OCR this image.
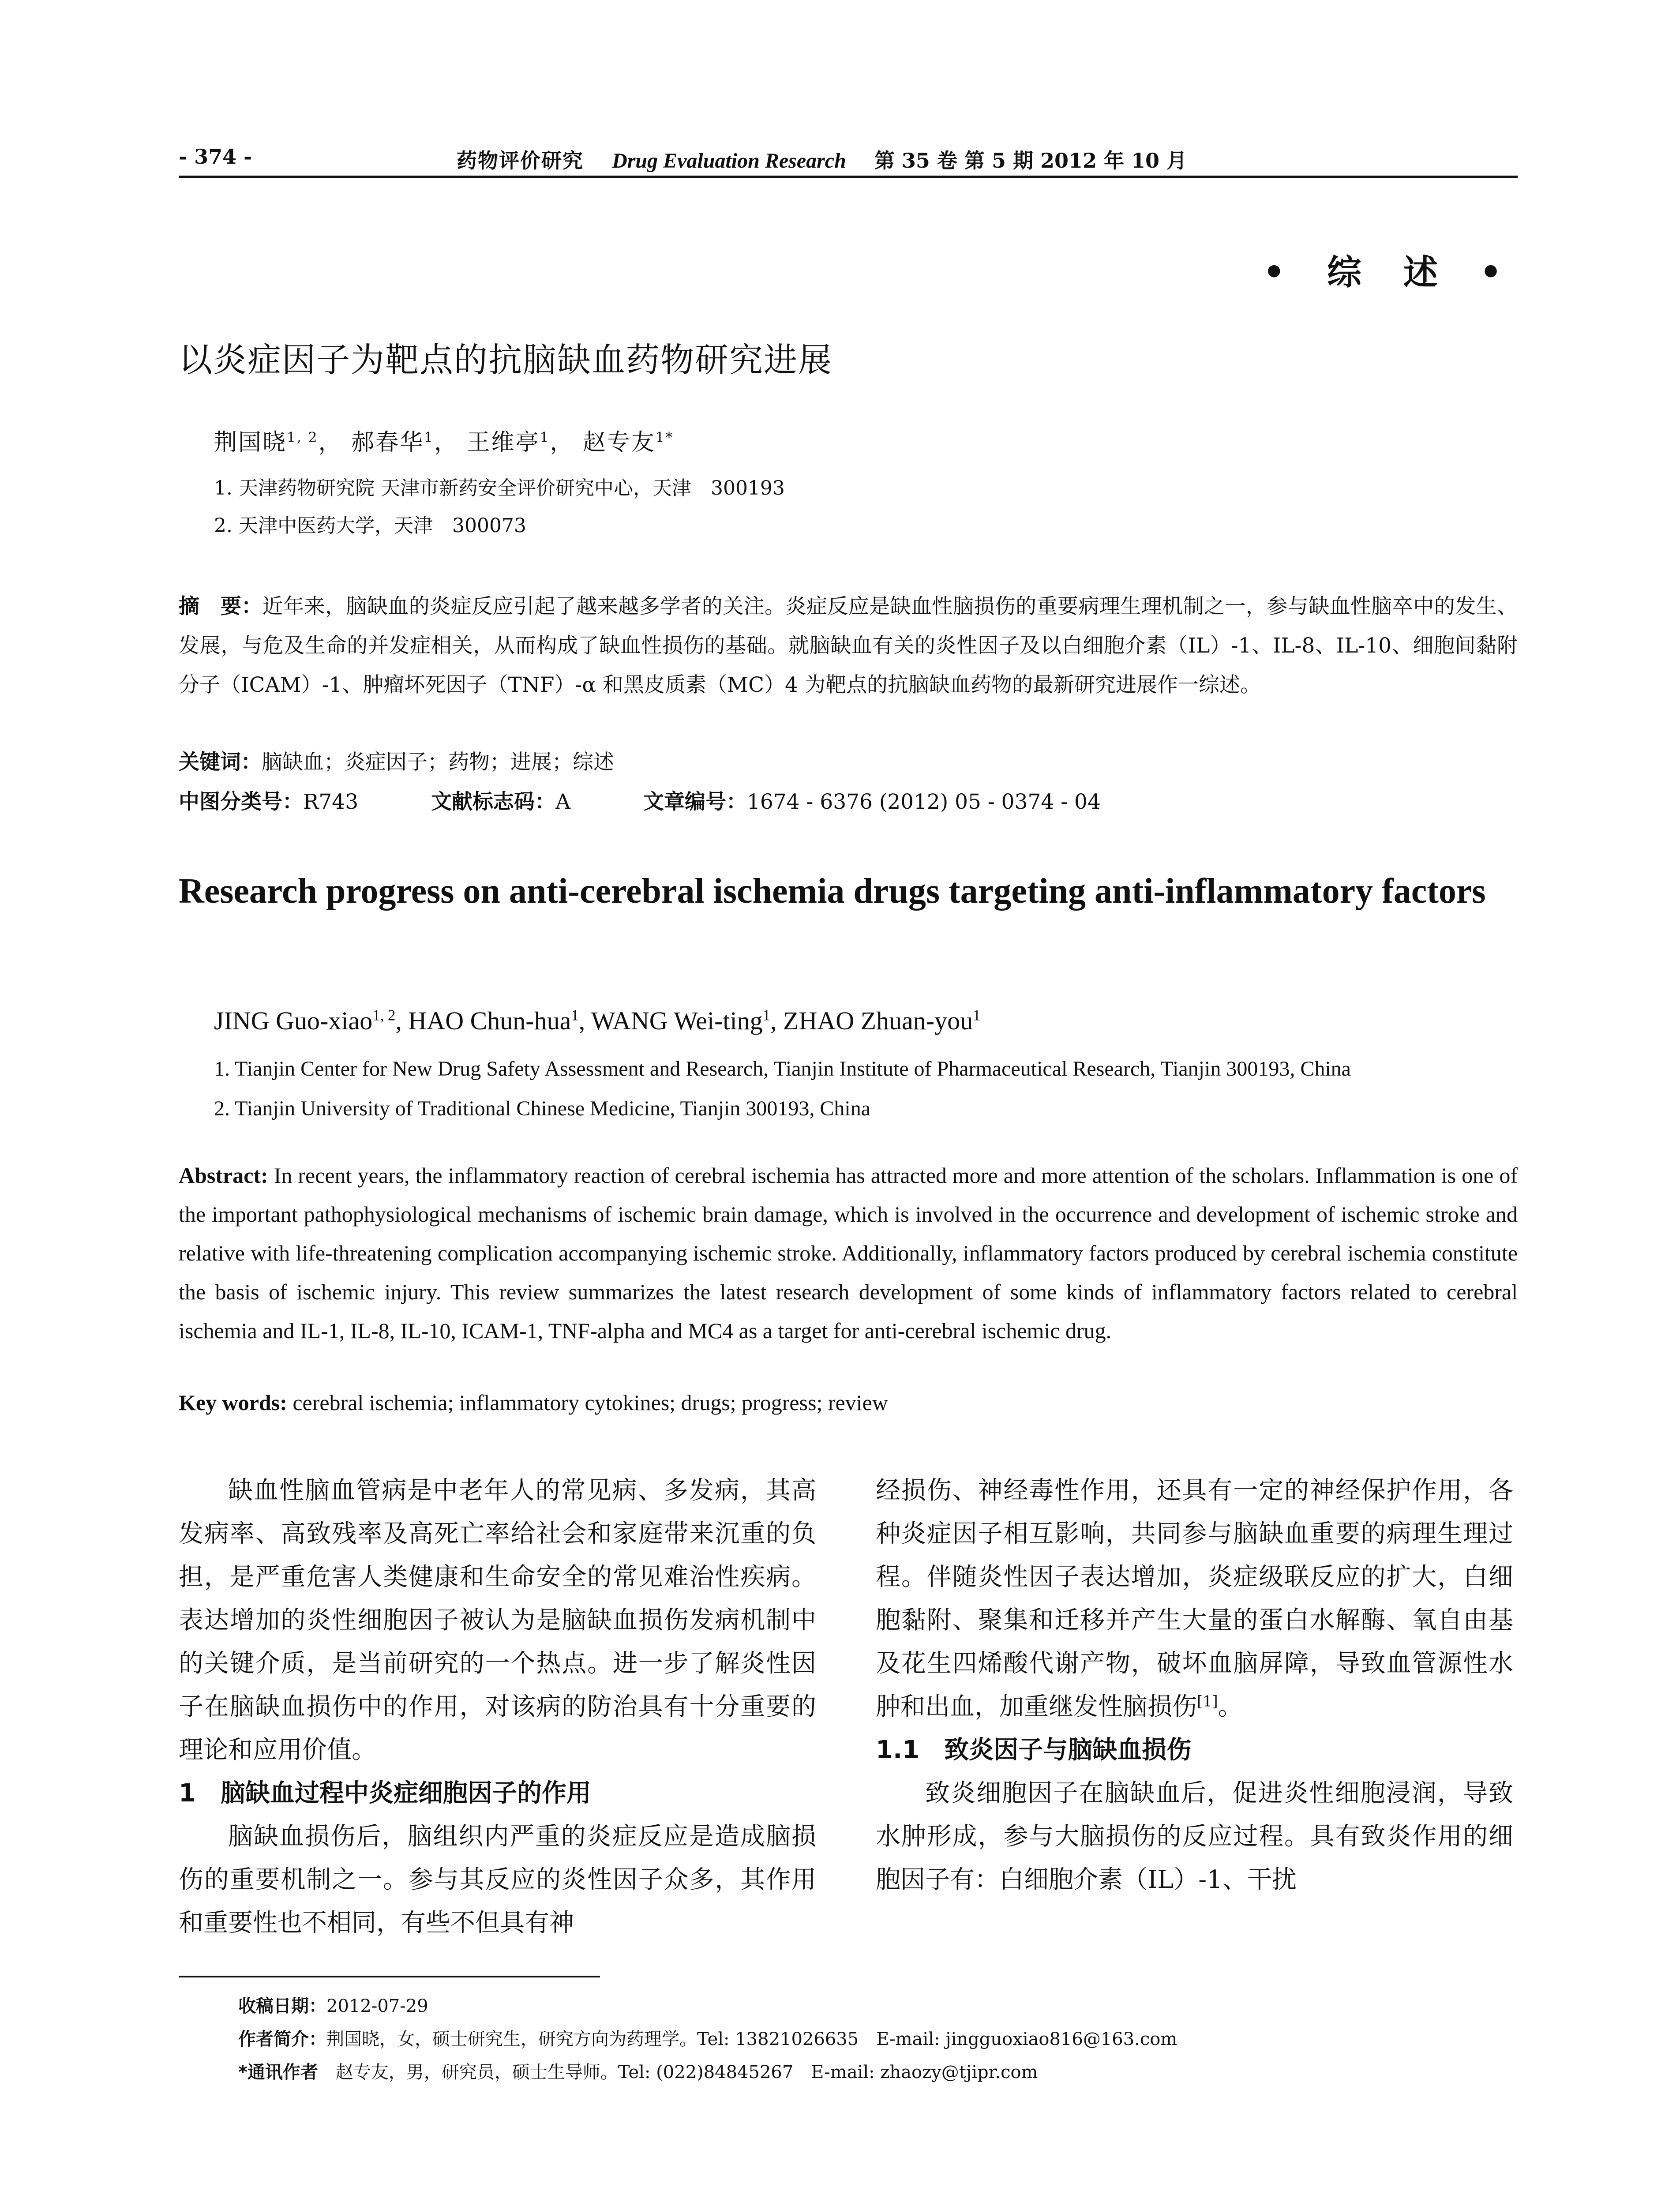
- 374 -	药物评价研究 Drug Evaluation Research 第 35 卷 第 5 期 2012 年 10 月
• 综 述 •
以炎症因子为靶点的抗脑缺血药物研究进展
荆国晓$^{1, 2}$， 郝春华$^1$， 王维亭$^1$， 赵专友$^{1*}$
1. 天津药物研究院 天津市新药安全评价研究中心，天津　300193
2. 天津中医药大学，天津　300073
摘　要：近年来，脑缺血的炎症反应引起了越来越多学者的关注。炎症反应是缺血性脑损伤的重要病理生理机制之一，参与缺血性脑卒中的发生、发展，与危及生命的并发症相关，从而构成了缺血性损伤的基础。就脑缺血有关的炎性因子及以白细胞介素（IL）-1、IL-8、IL-10、细胞间黏附分子（ICAM）-1、肿瘤坏死因子（TNF）-α 和黑皮质素（MC）4 为靶点的抗脑缺血药物的最新研究进展作一综述。
关键词：脑缺血；炎症因子；药物；进展；综述
中图分类号：R743	文献标志码：A	文章编号：1674 - 6376 (2012) 05 - 0374 - 04
Research progress on anti-cerebral ischemia drugs targeting anti-inflammatory factors
JING Guo-xiao$^{1, 2}$, HAO Chun-hua$^1$, WANG Wei-ting$^1$, ZHAO Zhuan-you$^1$
1. Tianjin Center for New Drug Safety Assessment and Research, Tianjin Institute of Pharmaceutical Research, Tianjin 300193, China
2. Tianjin University of Traditional Chinese Medicine, Tianjin 300193, China
Abstract: In recent years, the inflammatory reaction of cerebral ischemia has attracted more and more attention of the scholars. Inflammation is one of the important pathophysiological mechanisms of ischemic brain damage, which is involved in the occurrence and development of ischemic stroke and relative with life-threatening complication accompanying ischemic stroke. Additionally, inflammatory factors produced by cerebral ischemia constitute the basis of ischemic injury. This review summarizes the latest research development of some kinds of inflammatory factors related to cerebral ischemia and IL-1, IL-8, IL-10, ICAM-1, TNF-alpha and MC4 as a target for anti-cerebral ischemic drug.
Key words: cerebral ischemia; inflammatory cytokines; drugs; progress; review

缺血性脑血管病是中老年人的常见病、多发病，其高发病率、高致残率及高死亡率给社会和家庭带来沉重的负担，是严重危害人类健康和生命安全的常见难治性疾病。表达增加的炎性细胞因子被认为是脑缺血损伤发病机制中的关键介质，是当前研究的一个热点。进一步了解炎性因子在脑缺血损伤中的作用，对该病的防治具有十分重要的理论和应用价值。

1　脑缺血过程中炎症细胞因子的作用

脑缺血损伤后，脑组织内严重的炎症反应是造成脑损伤的重要机制之一。参与其反应的炎性因子众多，其作用和重要性也不相同，有些不但具有神

经损伤、神经毒性作用，还具有一定的神经保护作用，各种炎症因子相互影响，共同参与脑缺血重要的病理生理过程。伴随炎性因子表达增加，炎症级联反应的扩大，白细胞黏附、聚集和迁移并产生大量的蛋白水解酶、氧自由基及花生四烯酸代谢产物，破坏血脑屏障，导致血管源性水肿和出血，加重继发性脑损伤[1]。

1.1　致炎因子与脑缺血损伤

致炎细胞因子在脑缺血后，促进炎性细胞浸润，导致水肿形成，参与大脑损伤的反应过程。具有致炎作用的细胞因子有：白细胞介素（IL）-1、干扰

收稿日期：2012-07-29
作者简介：荆国晓，女，硕士研究生，研究方向为药理学。Tel: 13821026635　E-mail: jingguoxiao816@163.com
*通讯作者　赵专友，男，研究员，硕士生导师。Tel: (022)84845267　E-mail: zhaozy@tjipr.com
